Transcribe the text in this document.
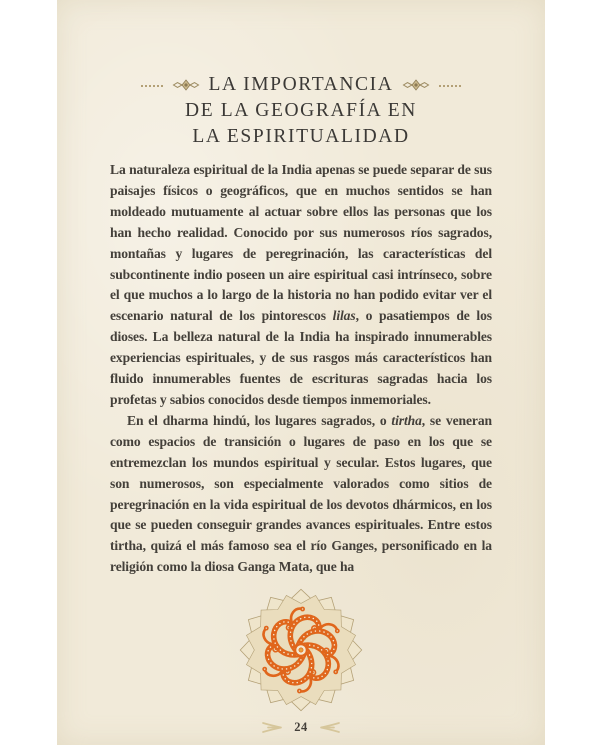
LA IMPORTANCIA
DE LA GEOGRAFÍA EN
LA ESPIRITUALIDAD

La naturaleza espiritual de la India apenas se puede separar de sus paisajes físicos o geográficos, que en muchos sentidos se han moldeado mutuamente al actuar sobre ellos las personas que los han hecho realidad. Conocido por sus numerosos ríos sagrados, montañas y lugares de peregrinación, las características del subcontinente indio poseen un aire espiritual casi intrínseco, sobre el que muchos a lo largo de la historia no han podido evitar ver el escenario natural de los pintorescos lilas, o pasatiempos de los dioses. La belleza natural de la India ha inspirado innumerables experiencias espirituales, y de sus rasgos más característicos han fluido innumerables fuentes de escrituras sagradas hacia los profetas y sabios conocidos desde tiempos inmemoriales.

En el dharma hindú, los lugares sagrados, o tirtha, se veneran como espacios de transición o lugares de paso en los que se entremezclan los mundos espiritual y secular. Estos lugares, que son numerosos, son especialmente valorados como sitios de peregrinación en la vida espiritual de los devotos dhármicos, en los que se pueden conseguir grandes avances espirituales. Entre estos tirtha, quizá el más famoso sea el río Ganges, personificado en la religión como la diosa Ganga Mata, que ha

24
